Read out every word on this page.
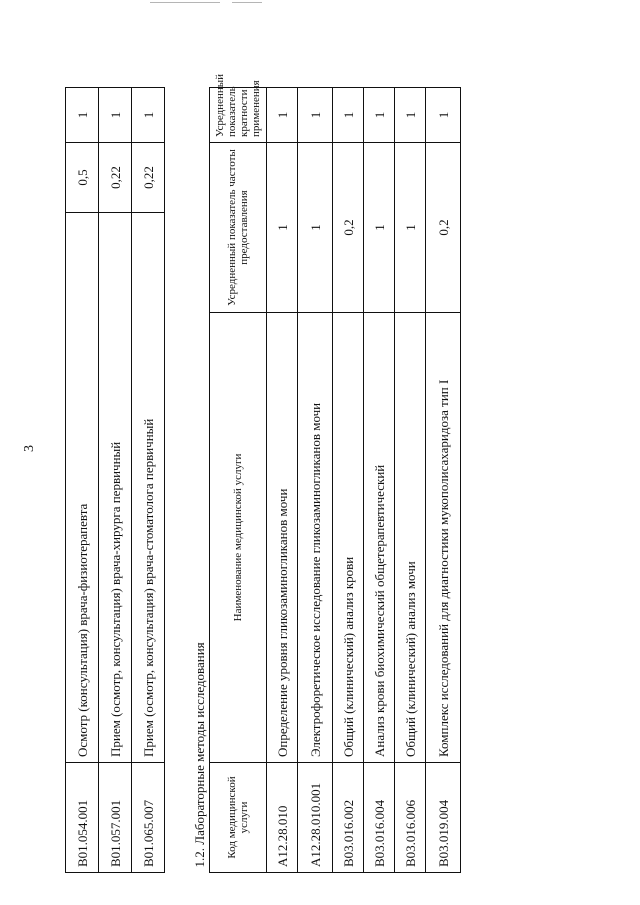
3
B01.054.001	Осмотр (консультация) врача-физиотерапевта	0,5	1
B01.057.001	Прием (осмотр, консультация) врача-хирурга первичный	0,22	1
B01.065.007	Прием (осмотр, консультация) врача-стоматолога первичный	0,22	1
1.2. Лабораторные методы исследования			
Код медицинской услуги	Наименование медицинской услуги	Усредненный показатель частоты предоставления	Усредненный показатель кратности применения
A12.28.010	Определение уровня гликозаминогликанов мочи	1	1
A12.28.010.001	Электрофоретическое исследование гликозаминогликанов мочи	1	1
B03.016.002	Общий (клинический) анализ крови	0,2	1
B03.016.004	Анализ крови биохимический общетерапевтический	1	1
B03.016.006	Общий (клинический) анализ мочи	1	1
B03.019.004	Комплекс исследований для диагностики мукополисахаридоза тип I	0,2	1
